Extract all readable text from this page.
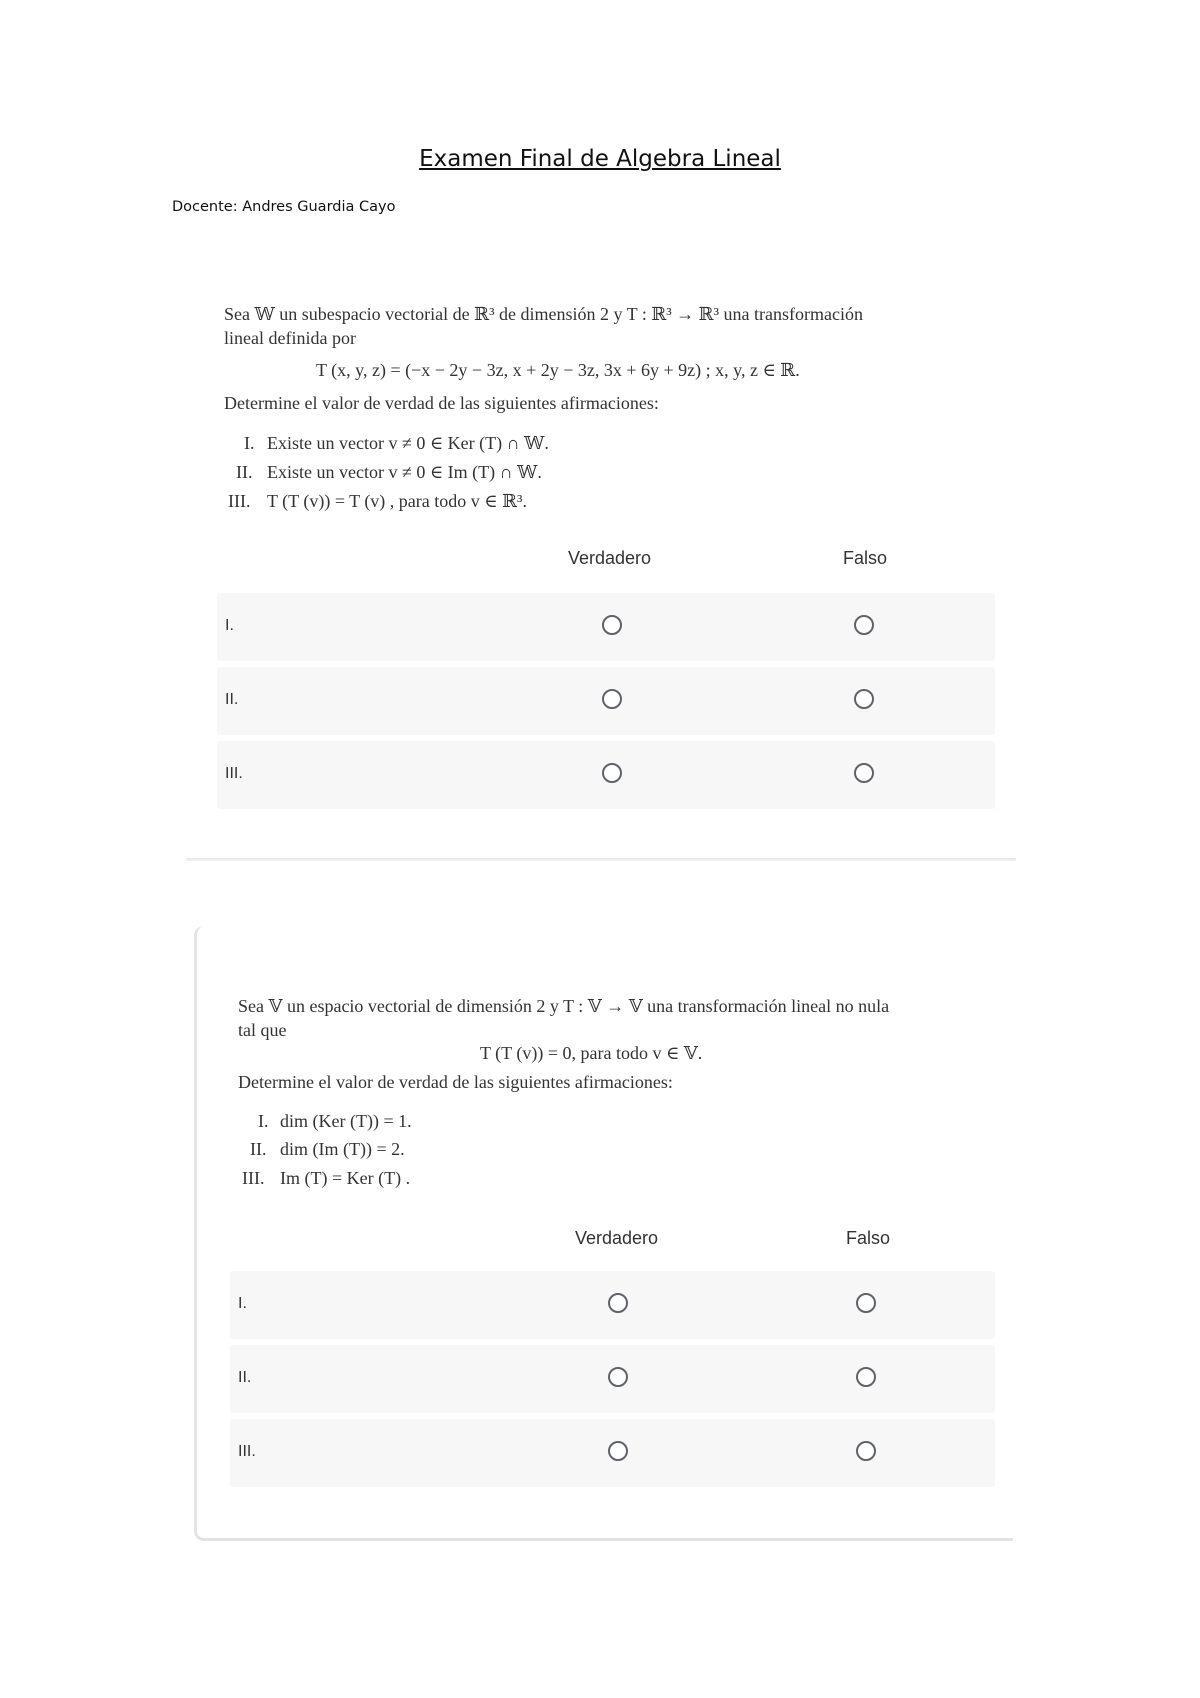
Examen Final de Algebra Lineal
Docente: Andres Guardia Cayo
Sea 𝕎 un subespacio vectorial de ℝ³ de dimensión 2 y T : ℝ³ → ℝ³ una transformación
lineal definida por
T (x, y, z) = (−x − 2y − 3z, x + 2y − 3z, 3x + 6y + 9z) ; x, y, z ∈ ℝ.
Determine el valor de verdad de las siguientes afirmaciones:
I. Existe un vector v ≠ 0 ∈ Ker (T) ∩ 𝕎.
II. Existe un vector v ≠ 0 ∈ Im (T) ∩ 𝕎.
III. T (T (v)) = T (v) , para todo v ∈ ℝ³.
Verdadero	Falso
I.
II.
III.
Sea 𝕍 un espacio vectorial de dimensión 2 y T : 𝕍 → 𝕍 una transformación lineal no nula
tal que
T (T (v)) = 0, para todo v ∈ 𝕍.
Determine el valor de verdad de las siguientes afirmaciones:
I. dim (Ker (T)) = 1.
II. dim (Im (T)) = 2.
III. Im (T) = Ker (T) .
Verdadero	Falso
I.
II.
III.
